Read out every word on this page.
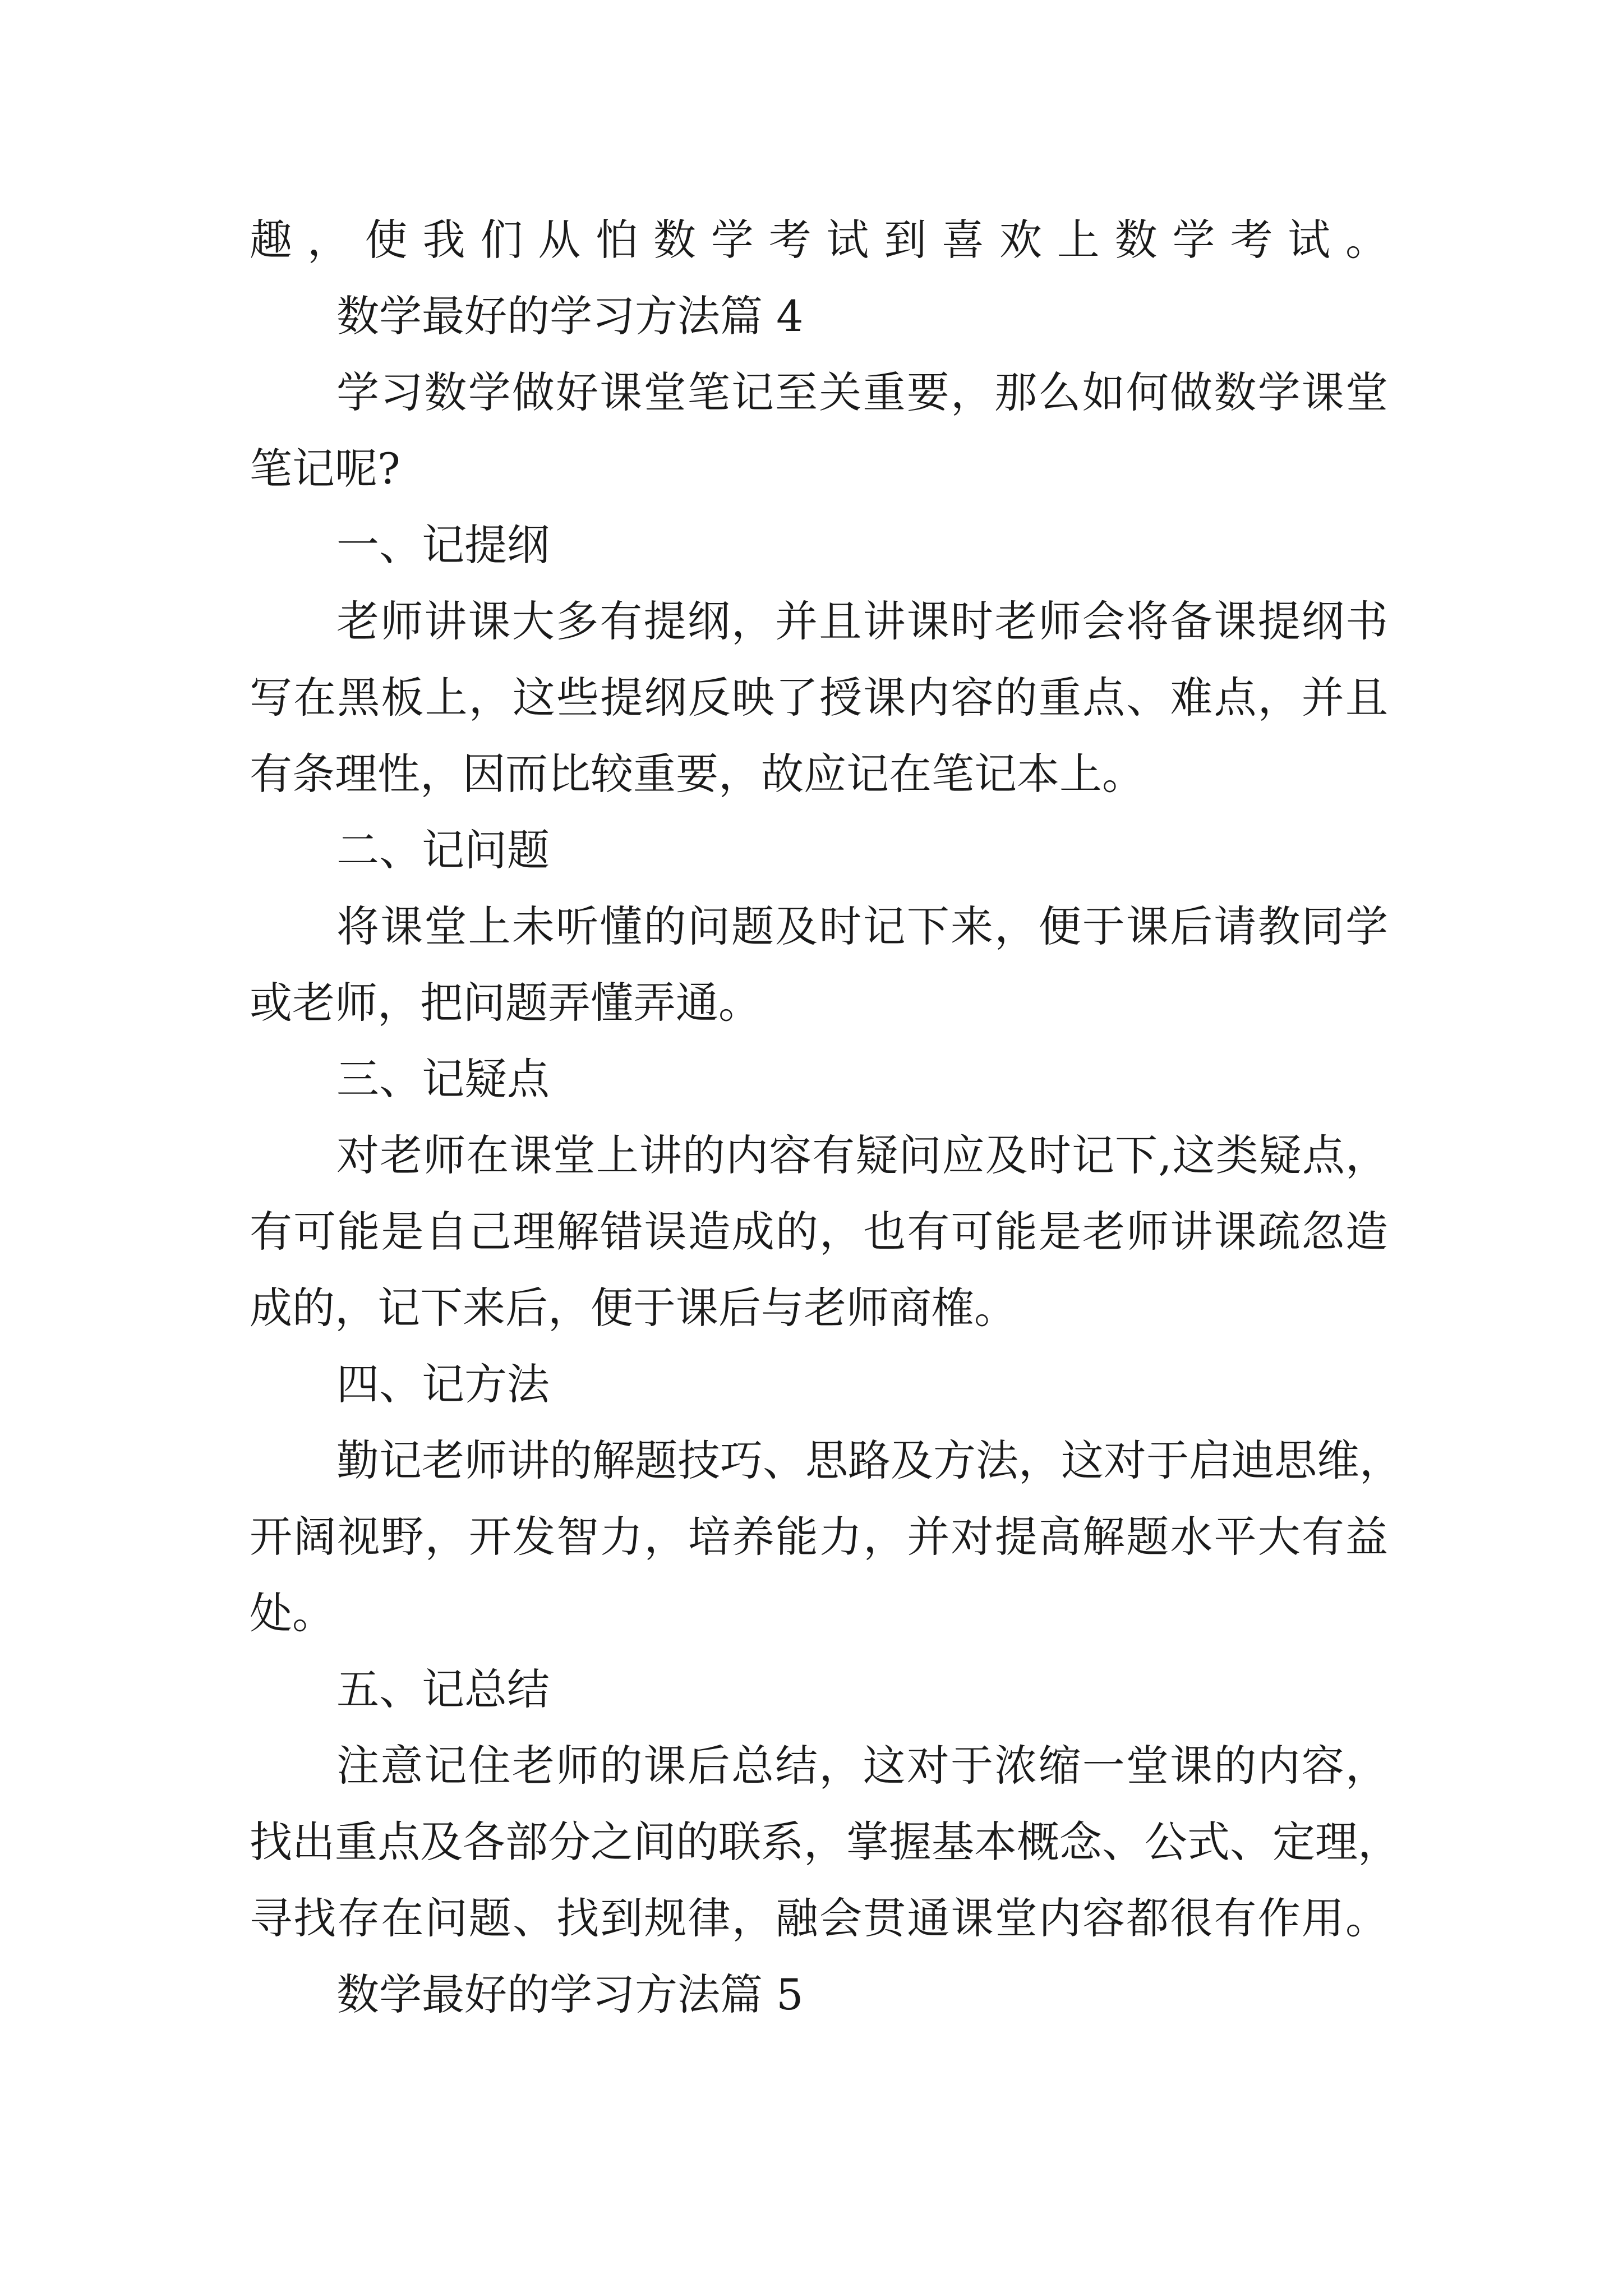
趣，使我们从怕数学考试到喜欢上数学考试。
数学最好的学习方法篇 4
学习数学做好课堂笔记至关重要，那么如何做数学课堂
笔记呢?
一、记提纲
老师讲课大多有提纲，并且讲课时老师会将备课提纲书
写在黑板上，这些提纲反映了授课内容的重点、难点，并且
有条理性，因而比较重要，故应记在笔记本上。
二、记问题
将课堂上未听懂的问题及时记下来，便于课后请教同学
或老师，把问题弄懂弄通。
三、记疑点
对老师在课堂上讲的内容有疑问应及时记下,这类疑点，
有可能是自己理解错误造成的，也有可能是老师讲课疏忽造
成的，记下来后，便于课后与老师商榷。
四、记方法
勤记老师讲的解题技巧、思路及方法，这对于启迪思维，
开阔视野，开发智力，培养能力，并对提高解题水平大有益
处。
五、记总结
注意记住老师的课后总结，这对于浓缩一堂课的内容，
找出重点及各部分之间的联系，掌握基本概念、公式、定理，
寻找存在问题、找到规律，融会贯通课堂内容都很有作用。
数学最好的学习方法篇 5
